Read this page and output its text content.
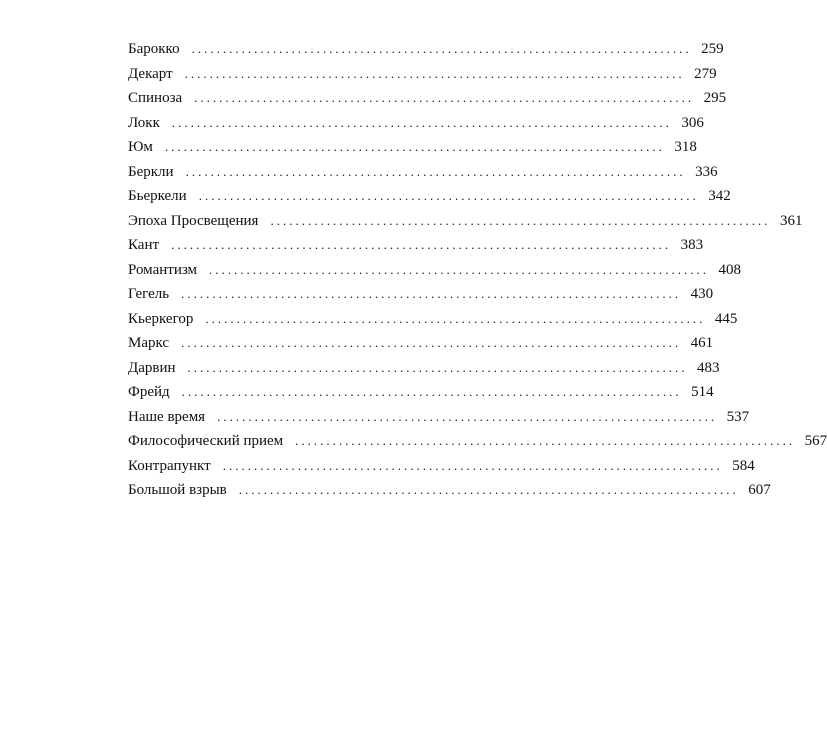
Барокко ................................................................................ 259
Декарт ................................................................................ 279
Спиноза ................................................................................ 295
Локк ................................................................................ 306
Юм ................................................................................ 318
Беркли ................................................................................ 336
Бьеркели ................................................................................ 342
Эпоха Просвещения ................................................................................ 361
Кант ................................................................................ 383
Романтизм ................................................................................ 408
Гегель ................................................................................ 430
Кьеркегор ................................................................................ 445
Маркс ................................................................................ 461
Дарвин ................................................................................ 483
Фрейд ................................................................................ 514
Наше время ................................................................................ 537
Философический прием ................................................................................ 567
Контрапункт ................................................................................ 584
Большой взрыв ................................................................................ 607
